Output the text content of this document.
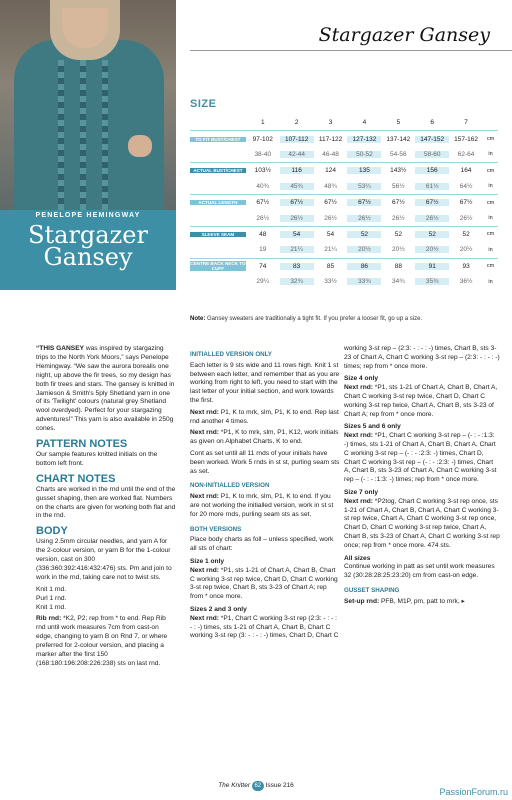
PENELOPE HEMINGWAY
Stargazer
Gansey
Stargazer Gansey
SIZE
1	2	3	4	5	6	7
TO FIT BUST/CHEST	97-102	107-112	117-122	127-132	137-142	147-152	157-162	cm
38-40	42-44	46-48	50-52	54-56	58-60	62-64	in
ACTUAL BUST/CHEST	103½	116	124	135	143½	156	164	cm
40¾	45¾	48¾	53¼	56½	61½	64½	in
ACTUAL LENGTH	67½	67½	67½	67½	67½	67½	67½	cm
26½	26½	26½	26½	26½	26½	26½	in
SLEEVE SEAM	48	54	54	52	52	52	52	cm
19	21¼	21¼	20½	20½	20½	20½	in
CENTRE BACK NECK TO CUFF	74	83	85	86	88	91	93	cm
29¼	32¾	33½	33¾	34¾	35¾	36½	in
Note: Gansey sweaters are traditionally a tight fit. If you prefer a looser fit, go up a size.

“THIS GANSEY was inspired by stargazing trips to the North York Moors,” says Penelope Hemingway. “We saw the aurora borealis one night, up above the fir trees, so my design has both fir trees and stars. The gansey is knitted in Jamieson & Smith's 5ply Shetland yarn in one of its 'Twilight' colours (natural grey Shetland wool overdyed). Perfect for your stargazing adventures!” This yarn is also available in 250g cones.

PATTERN NOTES

Our sample features knitted initials on the bottom left front.

CHART NOTES

Charts are worked in the rnd until the end of the gusset shaping, then are worked flat. Numbers on the charts are given for working both flat and in the rnd.

BODY

Using 2.5mm circular needles, and yarn A for the 2-colour version, or yarn B for the 1-colour version, cast on 300 (336:360:392:416:432:476) sts. Pm and join to work in the rnd, taking care not to twist sts.

Knit 1 rnd.

Purl 1 rnd.

Knit 1 rnd.

Rib rnd: *K2, P2; rep from * to end. Rep Rib rnd until work measures 7cm from cast-on edge, changing to yarn B on Rnd 7, or where preferred for 2-colour version, and placing a marker after the first 150 (168:180:196:208:226:238) sts on last rnd.

INITIALLED VERSION ONLY

Each letter is 9 sts wide and 11 rows high. Knit 1 st between each letter, and remember that as you are working from right to left, you need to start with the last letter of your initial section, and work towards the first.

Next rnd: P1, K to mrk, slm, P1, K to end. Rep last rnd another 4 times.

Next rnd: *P1, K to mrk, slm, P1, K12, work initials as given on Alphabet Charts, K to end.

Cont as set until all 11 rnds of your initials have been worked. Work 5 rnds in st st, purling seam sts as set.

NON-INITIALLED VERSION

Next rnd: P1, K to mrk, slm, P1, K to end. If you are not working the initialled version, work in st st for 20 more rnds, purling seam sts as set.

BOTH VERSIONS

Place body charts as foll – unless specified, work all sts of chart:

Size 1 only

Next rnd: *P1, sts 1-21 of Chart A, Chart B, Chart C working 3-st rep twice, Chart D, Chart C working 3-st rep twice, Chart B, sts 3-23 of Chart A; rep from * once more.

Sizes 2 and 3 only

Next rnd: *P1, Chart C working 3-st rep (2:3: - : - : - : -) times, sts 1-21 of Chart A, Chart B, Chart C working 3-st rep (3: - : - : -) times, Chart D, Chart C

working 3-st rep – (2:3: - : - : -) times, Chart B, sts 3-23 of Chart A, Chart C working 3-st rep – (2:3: - : - : -) times; rep from * once more.

Size 4 only

Next rnd: *P1, sts 1-21 of Chart A, Chart B, Chart A, Chart C working 3-st rep twice, Chart D, Chart C working 3-st rep twice, Chart A, Chart B, sts 3-23 of Chart A; rep from * once more.

Sizes 5 and 6 only

Next rnd: *P1, Chart C working 3-st rep – (- : - :1:3: -) times, sts 1-21 of Chart A, Chart B, Chart A, Chart C working 3-st rep – (- : - :2:3: -) times, Chart D, Chart C working 3-st rep – (- : - :2:3: -) times, Chart A, Chart B, sts 3-23 of Chart A, Chart C working 3-st rep – (- : - :1:3: -) times; rep from * once more.

Size 7 only

Next rnd: *P2tog, Chart C working 3-st rep once, sts 1-21 of Chart A, Chart B, Chart A, Chart C working 3-st rep twice, Chart A, Chart C working 3-st rep once, Chart D, Chart C working 3-st rep twice, Chart A, Chart B, sts 3-23 of Chart A, Chart C working 3-st rep once; rep from * once more. 474 sts.

All sizes

Continue working in patt as set until work measures 32 (30:28:28:25:23:20) cm from cast-on edge.

GUSSET SHAPING

Set-up rnd: PFB, M1P, pm, patt to mrk, ▸

The Knitter 62 Issue 216
PassionForum.ru
